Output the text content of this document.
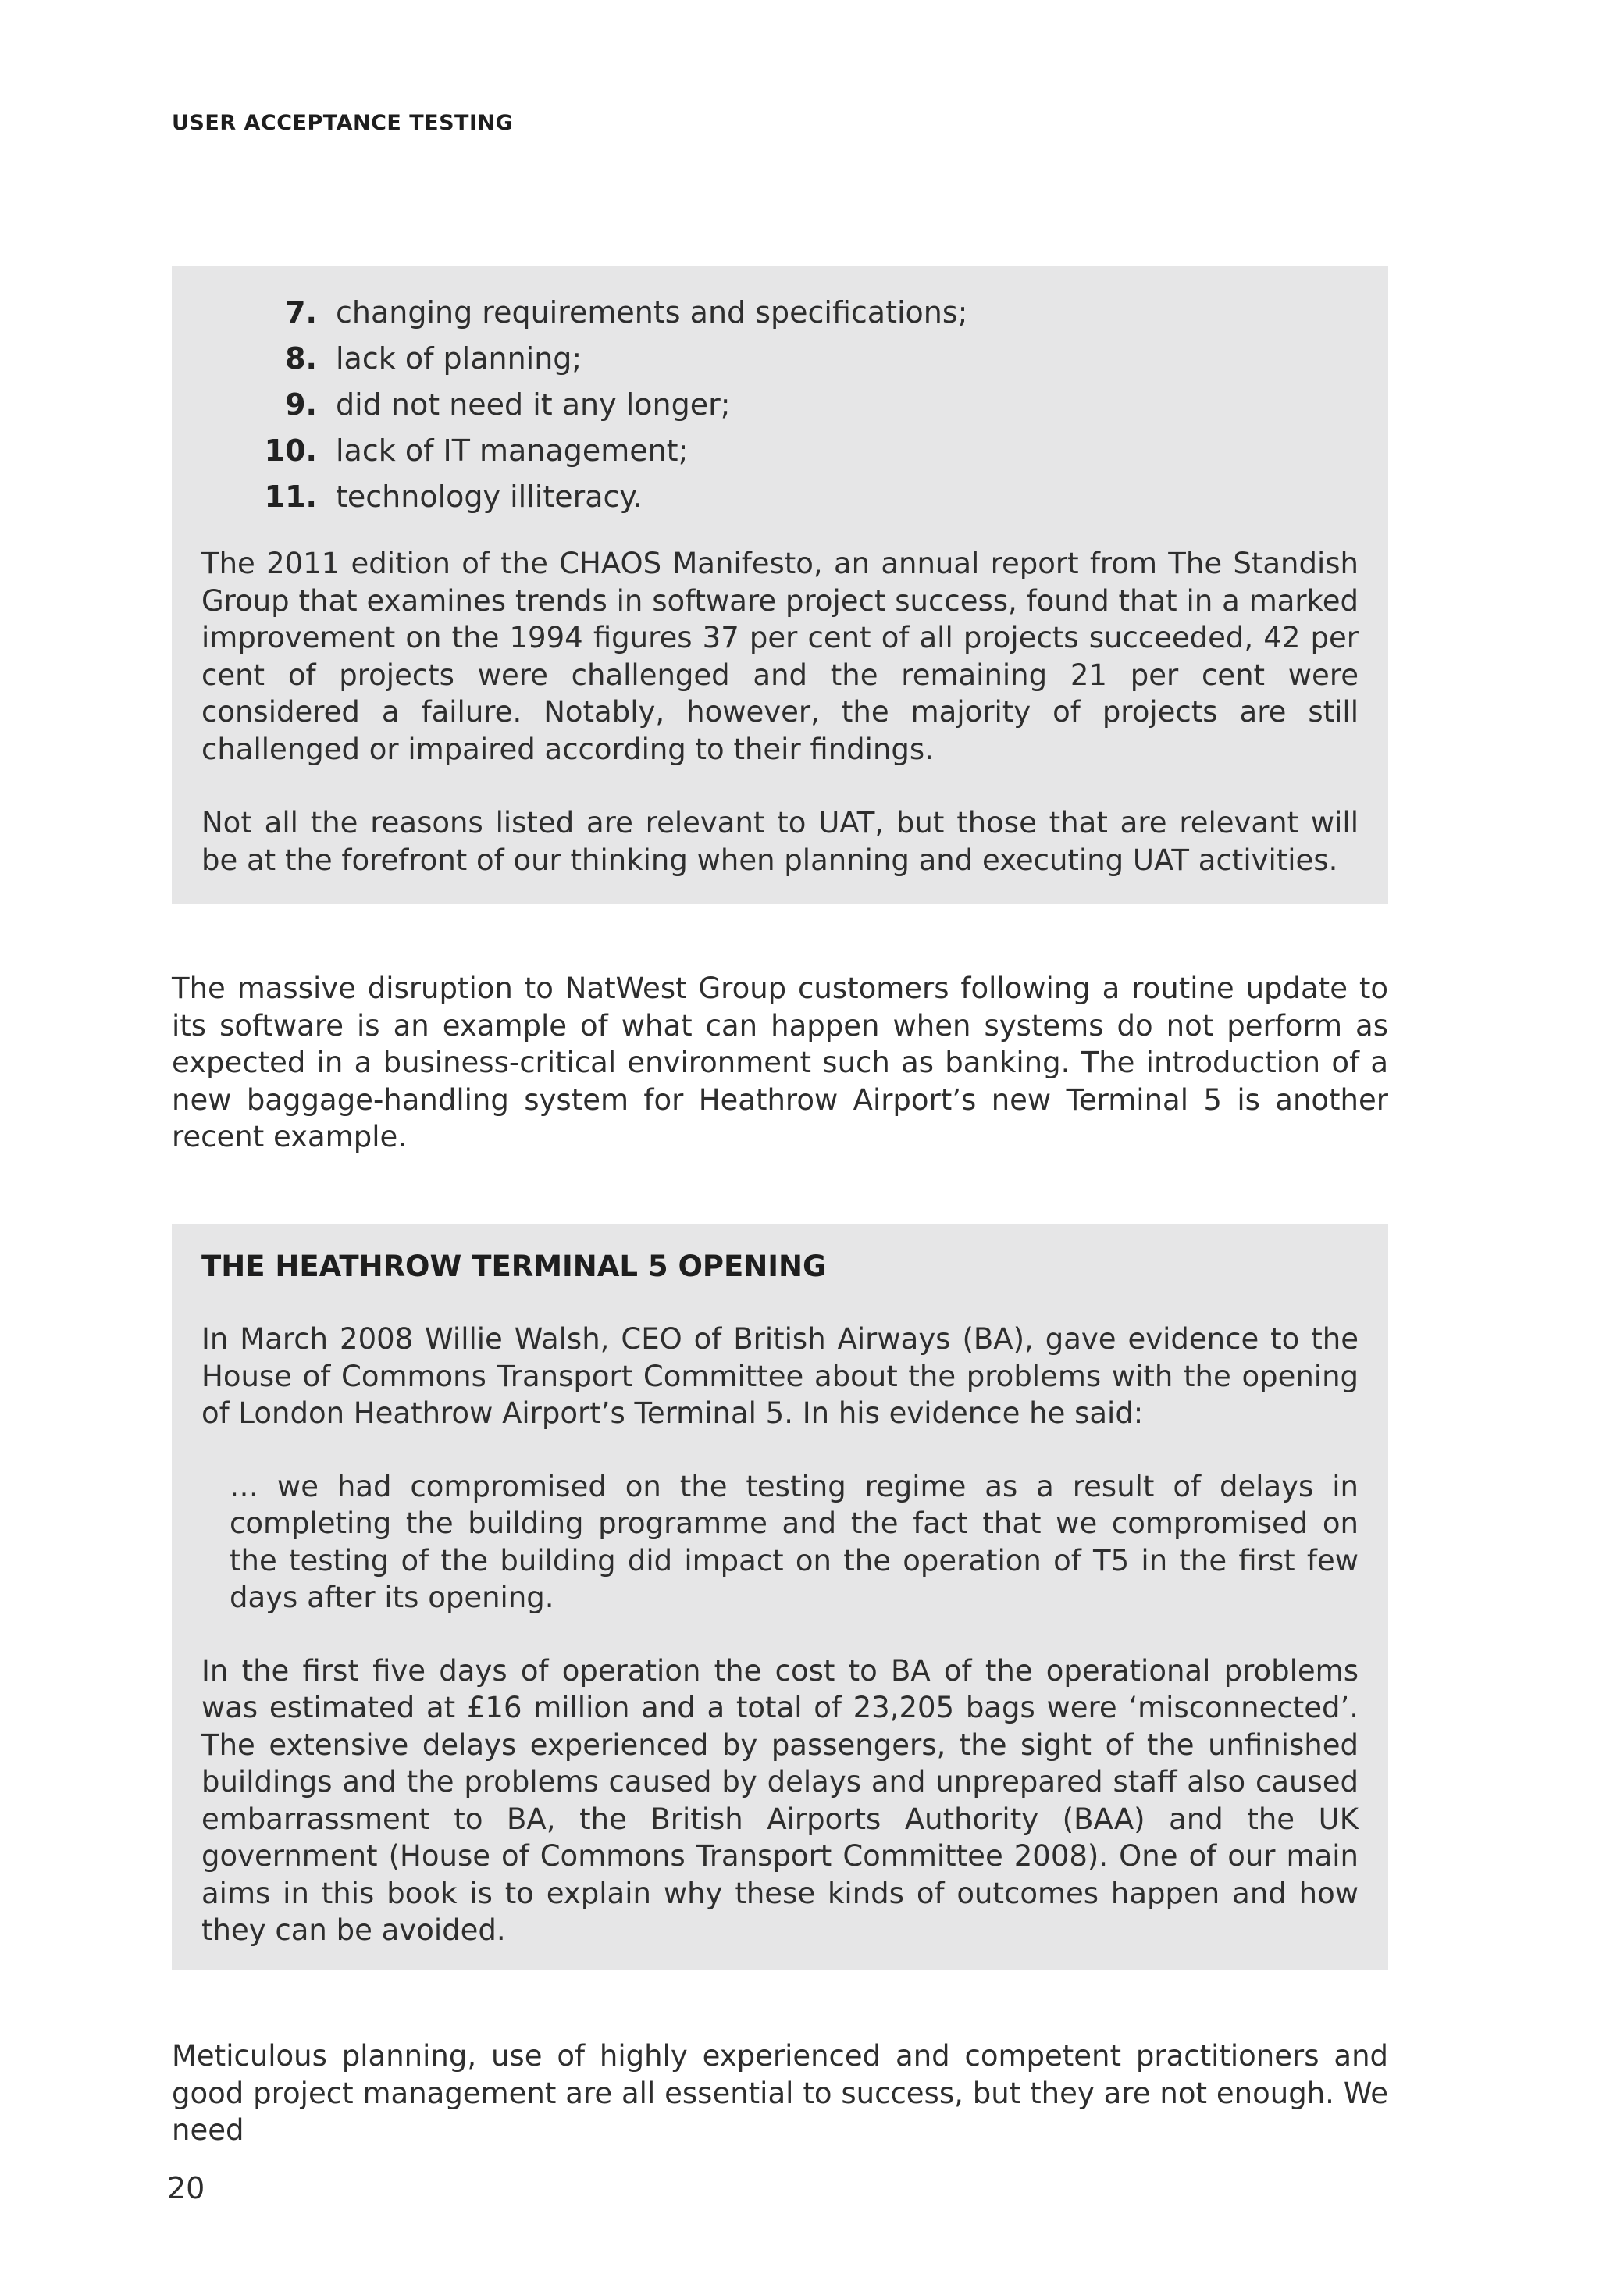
USER ACCEPTANCE TESTING
7. changing requirements and specifications;
8. lack of planning;
9. did not need it any longer;
10. lack of IT management;
11. technology illiteracy.

The 2011 edition of the CHAOS Manifesto, an annual report from The Standish Group that examines trends in software project success, found that in a marked improvement on the 1994 figures 37 per cent of all projects succeeded, 42 per cent of projects were challenged and the remaining 21 per cent were considered a failure. Notably, however, the majority of projects are still challenged or impaired according to their findings.

Not all the reasons listed are relevant to UAT, but those that are relevant will be at the forefront of our thinking when planning and executing UAT activities.

The massive disruption to NatWest Group customers following a routine update to its software is an example of what can happen when systems do not perform as expected in a business-critical environment such as banking. The introduction of a new baggage-handling system for Heathrow Airport’s new Terminal 5 is another recent example.

THE HEATHROW TERMINAL 5 OPENING

In March 2008 Willie Walsh, CEO of British Airways (BA), gave evidence to the House of Commons Transport Committee about the problems with the opening of London Heathrow Airport’s Terminal 5. In his evidence he said:

… we had compromised on the testing regime as a result of delays in completing the building programme and the fact that we compromised on the testing of the building did impact on the operation of T5 in the first few days after its opening.

In the first five days of operation the cost to BA of the operational problems was estimated at £16 million and a total of 23,205 bags were ‘misconnected’. The extensive delays experienced by passengers, the sight of the unfinished buildings and the problems caused by delays and unprepared staff also caused embarrassment to BA, the British Airports Authority (BAA) and the UK government (House of Commons Transport Committee 2008). One of our main aims in this book is to explain why these kinds of outcomes happen and how they can be avoided.

Meticulous planning, use of highly experienced and competent practitioners and good project management are all essential to success, but they are not enough. We need

20
